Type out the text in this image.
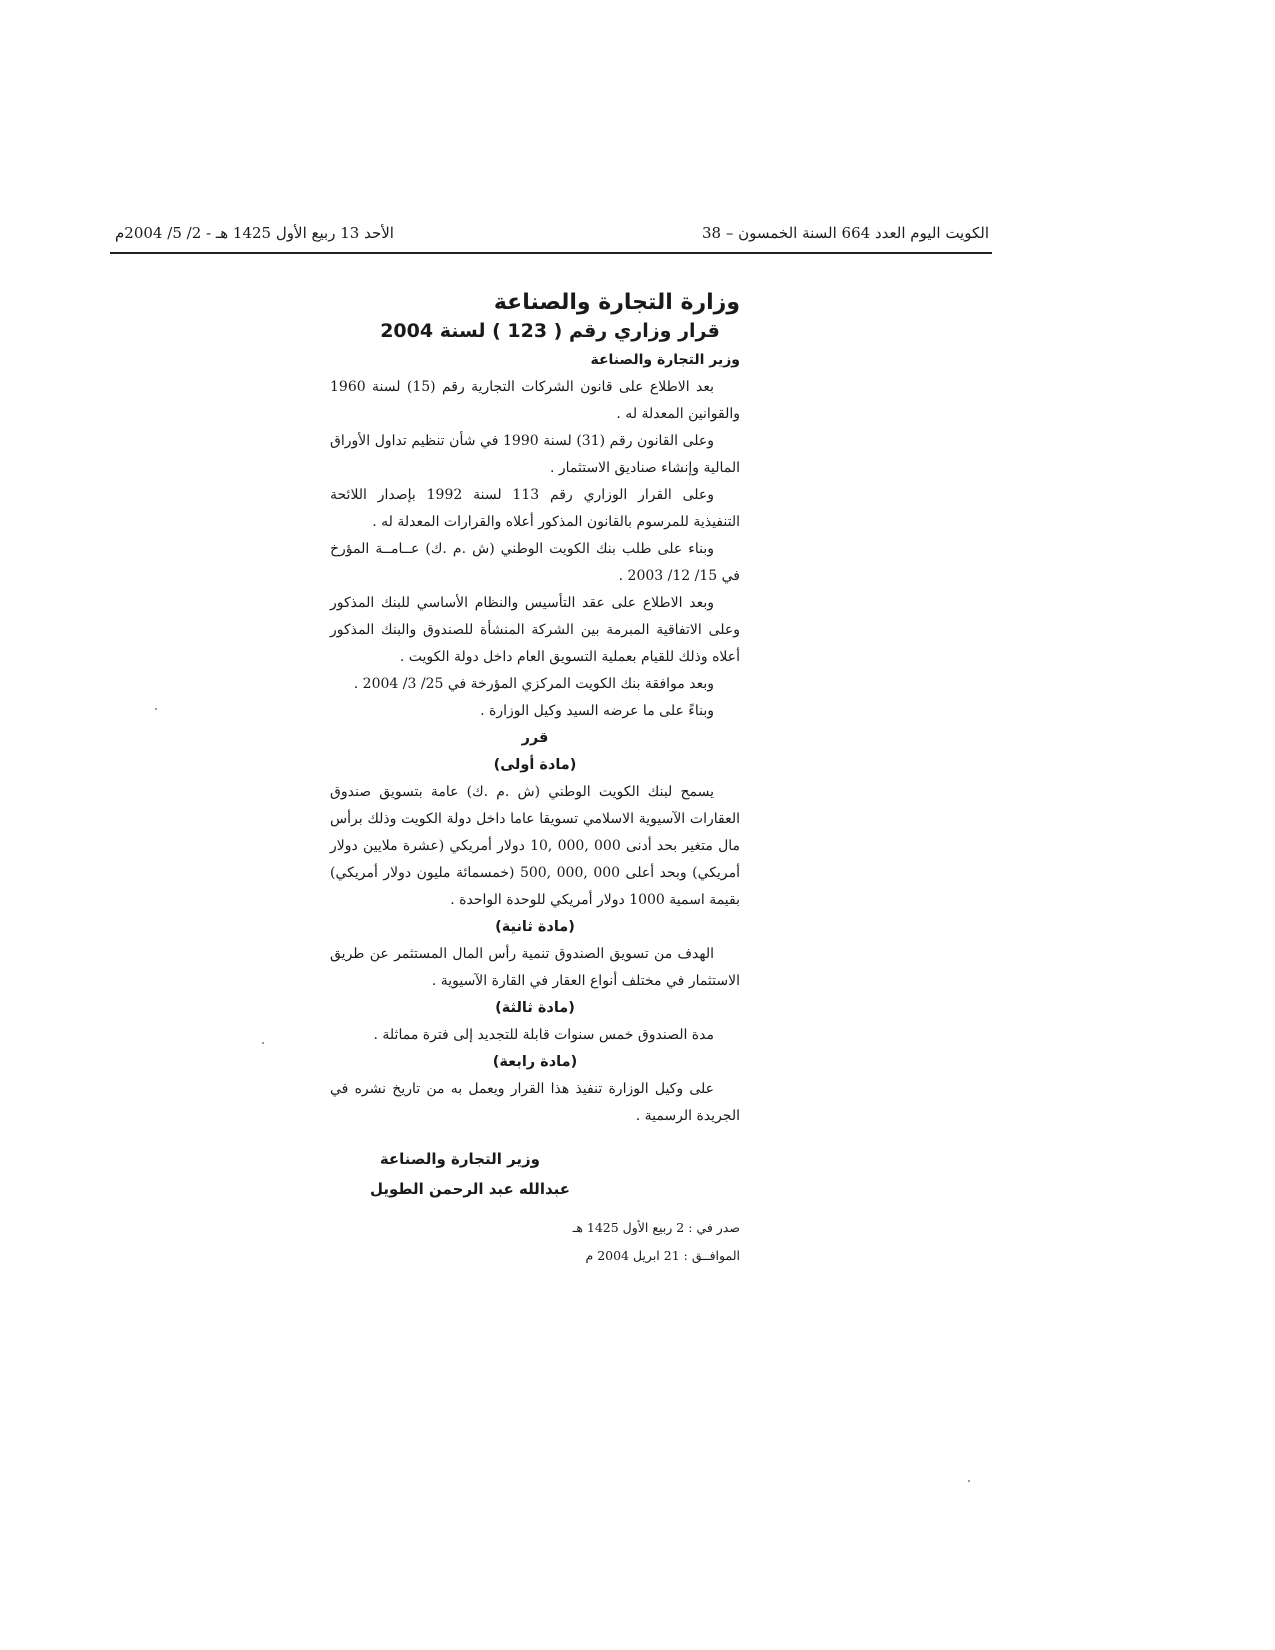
الكويت اليوم العدد 664 السنة الخمسون – 38
الأحد 13 ربيع الأول 1425 هـ - 2/ 5/ 2004م
وزارة التجارة والصناعة
قرار وزاري رقم ( 123 ) لسنة 2004
وزير التجارة والصناعة

بعد الاطلاع على قانون الشركات التجارية رقم (15) لسنة 1960 والقوانين المعدلة له .

وعلى القانون رقم (31) لسنة 1990 في شأن تنظيم تداول الأوراق المالية وإنشاء صناديق الاستثمار .

وعلى القرار الوزاري رقم 113 لسنة 1992 بإصدار اللائحة التنفيذية للمرسوم بالقانون المذكور أعلاه والقرارات المعدلة له .

وبناء على طلب بنك الكويت الوطني (ش .م .ك) عــامــة المؤرخ في 15/ 12/ 2003 .

وبعد الاطلاع على عقد التأسيس والنظام الأساسي للبنك المذكور وعلى الاتفاقية المبرمة بين الشركة المنشأة للصندوق والبنك المذكور أعلاه وذلك للقيام بعملية التسويق العام داخل دولة الكويت .

وبعد موافقة بنك الكويت المركزي المؤرخة في 25/ 3/ 2004 .

وبناءً على ما عرضه السيد وكيل الوزارة .

قرر
(مادة أولى)

يسمح لبنك الكويت الوطني (ش .م .ك) عامة بتسويق صندوق العقارات الآسيوية الاسلامي تسويقا عاما داخل دولة الكويت وذلك برأس مال متغير بحد أدنى 000 ,000 ,10 دولار أمريكي (عشرة ملايين دولار أمريكي) وبحد أعلى 000 ,000 ,500 (خمسمائة مليون دولار أمريكي) بقيمة اسمية 1000 دولار أمريكي للوحدة الواحدة .

(مادة ثانية)

الهدف من تسويق الصندوق تنمية رأس المال المستثمر عن طريق الاستثمار في مختلف أنواع العقار في القارة الآسيوية .

(مادة ثالثة)

مدة الصندوق خمس سنوات قابلة للتجديد إلى فترة مماثلة .

(مادة رابعة)

على وكيل الوزارة تنفيذ هذا القرار ويعمل به من تاريخ نشره في الجريدة الرسمية .

وزير التجارة والصناعة
عبدالله عبد الرحمن الطويل
صدر في : 2 ربيع الأول 1425 هـ
الموافــق : 21 ابريل 2004 م
